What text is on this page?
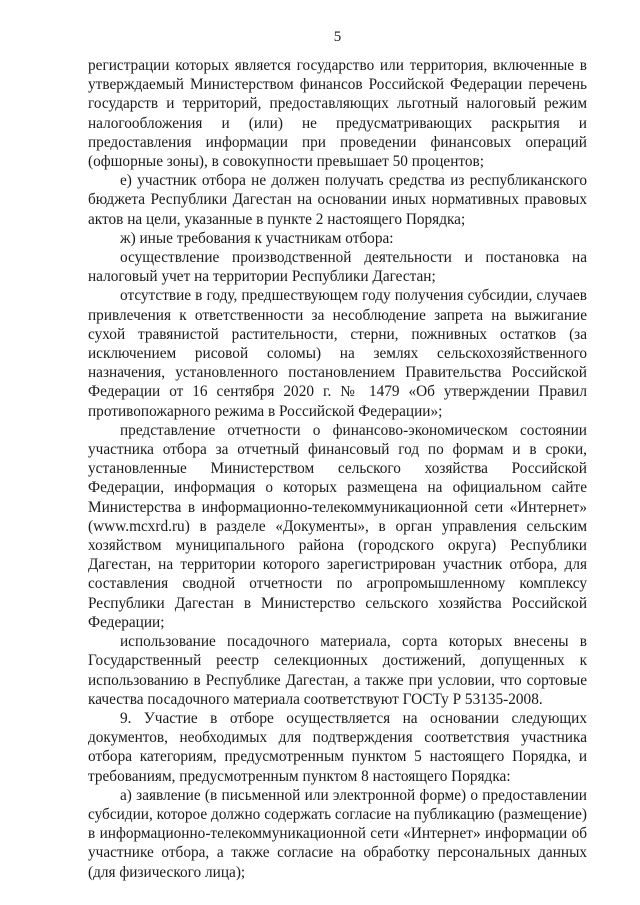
5

регистрации которых является государство или территория, включенные в утверждаемый Министерством финансов Российской Федерации перечень государств и территорий, предоставляющих льготный налоговый режим налогообложения и (или) не предусматривающих раскрытия и предоставления информации при проведении финансовых операций (офшорные зоны), в совокупности превышает 50 процентов;

е) участник отбора не должен получать средства из республиканского бюджета Республики Дагестан на основании иных нормативных правовых актов на цели, указанные в пункте 2 настоящего Порядка;

ж) иные требования к участникам отбора:

осуществление производственной деятельности и постановка на налоговый учет на территории Республики Дагестан;

отсутствие в году, предшествующем году получения субсидии, случаев привлечения к ответственности за несоблюдение запрета на выжигание сухой травянистой растительности, стерни, пожнивных остатков (за исключением рисовой соломы) на землях сельскохозяйственного назначения, установленного постановлением Правительства Российской Федерации от 16 сентября 2020 г. № 1479 «Об утверждении Правил противопожарного режима в Российской Федерации»;

представление отчетности о финансово-экономическом состоянии участника отбора за отчетный финансовый год по формам и в сроки, установленные Министерством сельского хозяйства Российской Федерации, информация о которых размещена на официальном сайте Министерства в информационно-телекоммуникационной сети «Интернет» (www.mcxrd.ru) в разделе «Документы», в орган управления сельским хозяйством муниципального района (городского округа) Республики Дагестан, на территории которого зарегистрирован участник отбора, для составления сводной отчетности по агропромышленному комплексу Республики Дагестан в Министерство сельского хозяйства Российской Федерации;

использование посадочного материала, сорта которых внесены в Государственный реестр селекционных достижений, допущенных к использованию в Республике Дагестан, а также при условии, что сортовые качества посадочного материала соответствуют ГОСТу Р 53135-2008.

9. Участие в отборе осуществляется на основании следующих документов, необходимых для подтверждения соответствия участника отбора категориям, предусмотренным пунктом 5 настоящего Порядка, и требованиям, предусмотренным пунктом 8 настоящего Порядка:

а) заявление (в письменной или электронной форме) о предоставлении субсидии, которое должно содержать согласие на публикацию (размещение) в информационно-телекоммуникационной сети «Интернет» информации об участнике отбора, а также согласие на обработку персональных данных (для физического лица);
